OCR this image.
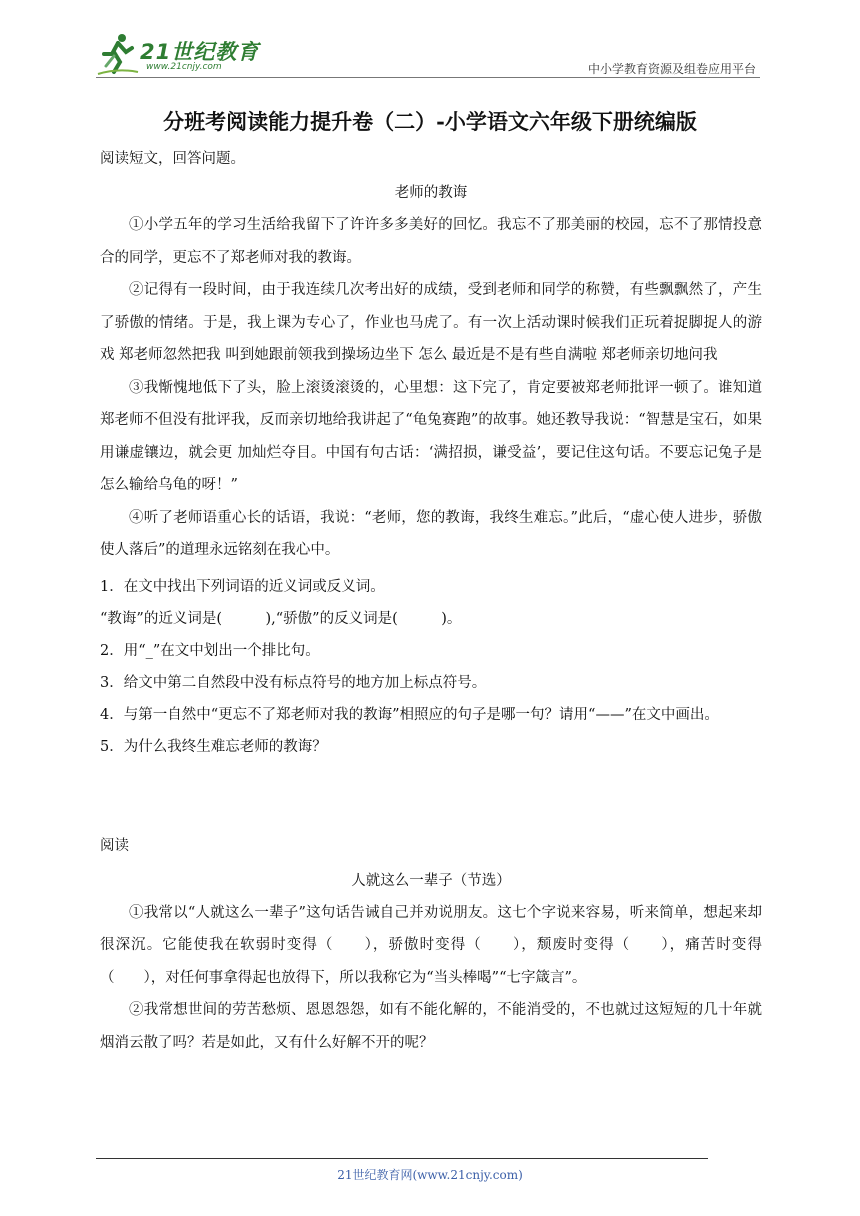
21世纪教育
www.21cnjy.com	中小学教育资源及组卷应用平台
分班考阅读能力提升卷（二）-小学语文六年级下册统编版
阅读短文，回答问题。
老师的教诲
①小学五年的学习生活给我留下了许许多多美好的回忆。我忘不了那美丽的校园，忘不了那情投意合的同学，更忘不了郑老师对我的教诲。
②记得有一段时间，由于我连续几次考出好的成绩，受到老师和同学的称赞，有些飘飘然了，产生了骄傲的情绪。于是，我上课为专心了，作业也马虎了。有一次上活动课时候我们正玩着捉脚捉人的游戏 郑老师忽然把我 叫到她跟前领我到操场边坐下 怎么 最近是不是有些自满啦 郑老师亲切地问我
③我惭愧地低下了头，脸上滚烫滚烫的，心里想：这下完了，肯定要被郑老师批评一顿了。谁知道郑老师不但没有批评我，反而亲切地给我讲起了“龟兔赛跑”的故事。她还教导我说：“智慧是宝石，如果用谦虚镶边，就会更 加灿烂夺目。中国有句古话：‘满招损，谦受益’，要记住这句话。不要忘记兔子是怎么输给乌龟的呀！”
④听了老师语重心长的话语，我说：“老师，您的教诲，我终生难忘。”此后，“虚心使人进步，骄傲使人落后”的道理永远铭刻在我心中。
1．在文中找出下列词语的近义词或反义词。
“教诲”的近义词是(　　　),“骄傲”的反义词是(　　　)。
2．用“_”在文中划出一个排比句。
3．给文中第二自然段中没有标点符号的地方加上标点符号。
4．与第一自然中“更忘不了郑老师对我的教诲”相照应的句子是哪一句？请用“——”在文中画出。
5．为什么我终生难忘老师的教诲？
阅读
人就这么一辈子（节选）
①我常以“人就这么一辈子”这句话告诫自己并劝说朋友。这七个字说来容易，听来简单，想起来却很深沉。它能使我在软弱时变得（　　），骄傲时变得（　　），颓废时变得（　　），痛苦时变得（　　），对任何事拿得起也放得下，所以我称它为“当头棒喝”“七字箴言”。
②我常想世间的劳苦愁烦、恩恩怨怨，如有不能化解的，不能消受的，不也就过这短短的几十年就烟消云散了吗？若是如此，又有什么好解不开的呢？
21世纪教育网(www.21cnjy.com)
